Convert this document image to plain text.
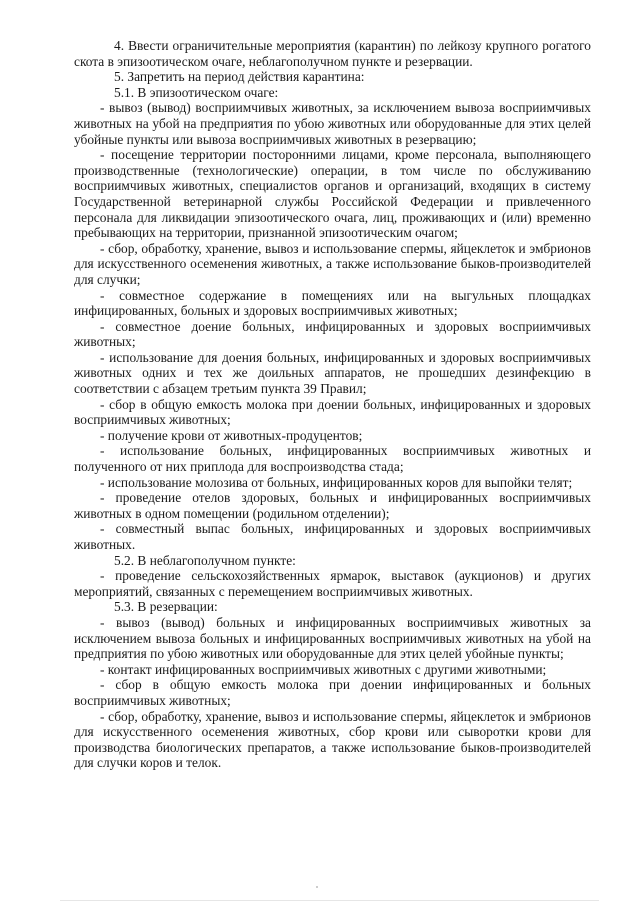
4. Ввести ограничительные мероприятия (карантин) по лейкозу крупного рогатого скота в эпизоотическом очаге, неблагополучном пункте и резервации.

5. Запретить на период действия карантина:

5.1. В эпизоотическом очаге:

- вывоз (вывод) восприимчивых животных, за исключением вывоза восприимчивых животных на убой на предприятия по убою животных или оборудованные для этих целей убойные пункты или вывоза восприимчивых животных в резервацию;

- посещение территории посторонними лицами, кроме персонала, выполняющего производственные (технологические) операции, в том числе по обслуживанию восприимчивых животных, специалистов органов и организаций, входящих в систему Государственной ветеринарной службы Российской Федерации и привлеченного персонала для ликвидации эпизоотического очага, лиц, проживающих и (или) временно пребывающих на территории, признанной эпизоотическим очагом;

- сбор, обработку, хранение, вывоз и использование спермы, яйцеклеток и эмбрионов для искусственного осеменения животных, а также использование быков-производителей для случки;

- совместное содержание в помещениях или на выгульных площадках инфицированных, больных и здоровых восприимчивых животных;

- совместное доение больных, инфицированных и здоровых восприимчивых животных;

- использование для доения больных, инфицированных и здоровых восприимчивых животных одних и тех же доильных аппаратов, не прошедших дезинфекцию в соответствии с абзацем третьим пункта 39 Правил;

- сбор в общую емкость молока при доении больных, инфицированных и здоровых восприимчивых животных;

- получение крови от животных-продуцентов;

- использование больных, инфицированных восприимчивых животных и полученного от них приплода для воспроизводства стада;

- использование молозива от больных, инфицированных коров для выпойки телят;

- проведение отелов здоровых, больных и инфицированных восприимчивых животных в одном помещении (родильном отделении);

- совместный выпас больных, инфицированных и здоровых восприимчивых животных.

5.2. В неблагополучном пункте:

- проведение сельскохозяйственных ярмарок, выставок (аукционов) и других мероприятий, связанных с перемещением восприимчивых животных.

5.3. В резервации:

- вывоз (вывод) больных и инфицированных восприимчивых животных за исключением вывоза больных и инфицированных восприимчивых животных на убой на предприятия по убою животных или оборудованные для этих целей убойные пункты;

- контакт инфицированных восприимчивых животных с другими животными;

- сбор в общую емкость молока при доении инфицированных и больных восприимчивых животных;

- сбор, обработку, хранение, вывоз и использование спермы, яйцеклеток и эмбрионов для искусственного осеменения животных, сбор крови или сыворотки крови для производства биологических препаратов, а также использование быков-производителей для случки коров и телок.
